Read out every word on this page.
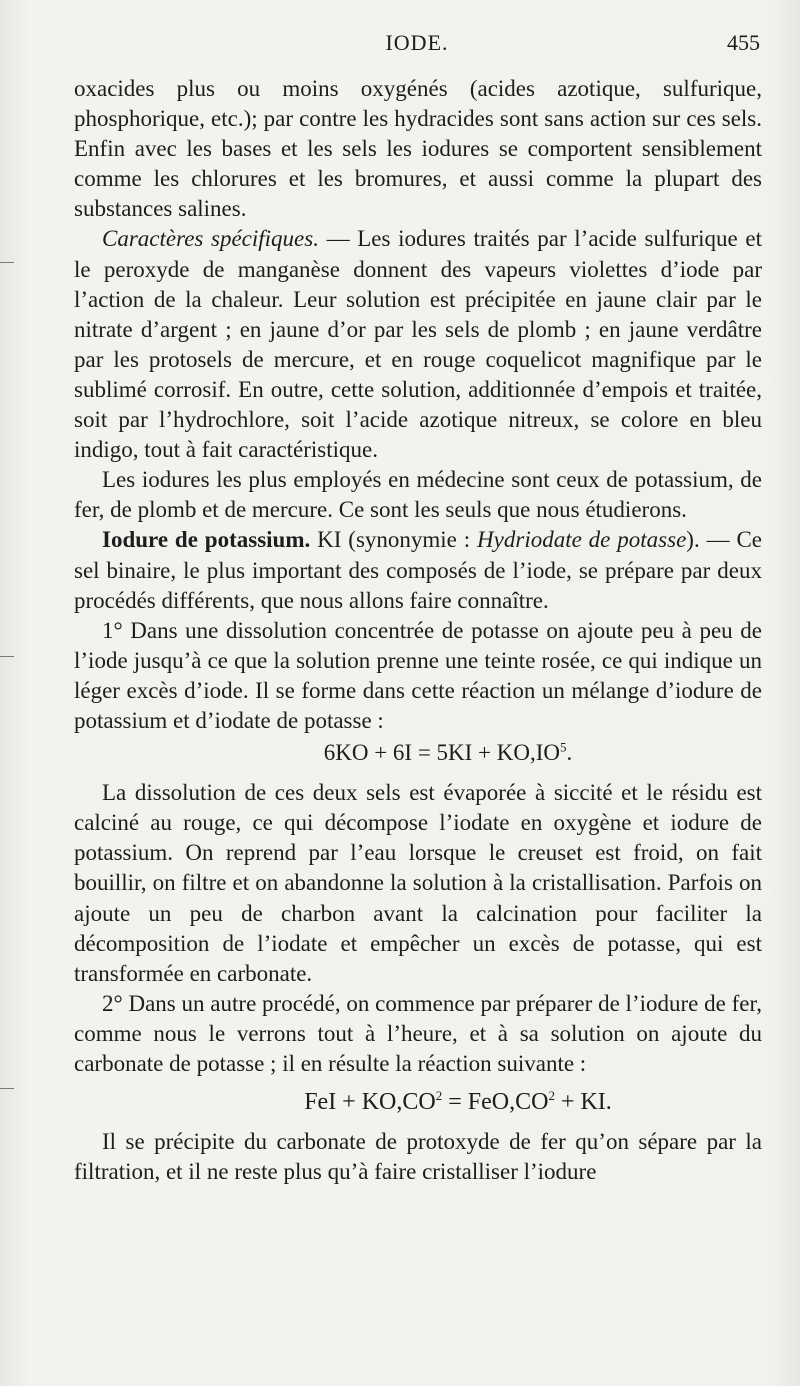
IODE.	455

oxacides plus ou moins oxygénés (acides azotique, sulfurique, phosphorique, etc.); par contre les hydracides sont sans action sur ces sels. Enfin avec les bases et les sels les iodures se comportent sensiblement comme les chlorures et les bromures, et aussi comme la plupart des substances salines.

Caractères spécifiques. — Les iodures traités par l’acide sulfurique et le peroxyde de manganèse donnent des vapeurs violettes d’iode par l’action de la chaleur. Leur solution est précipitée en jaune clair par le nitrate d’argent ; en jaune d’or par les sels de plomb ; en jaune verdâtre par les protosels de mercure, et en rouge coquelicot magnifique par le sublimé corrosif. En outre, cette solution, additionnée d’empois et traitée, soit par l’hydrochlore, soit l’acide azotique nitreux, se colore en bleu indigo, tout à fait caractéristique.

Les iodures les plus employés en médecine sont ceux de potassium, de fer, de plomb et de mercure. Ce sont les seuls que nous étudierons.

Iodure de potassium. KI (synonymie : Hydriodate de potasse). — Ce sel binaire, le plus important des composés de l’iode, se prépare par deux procédés différents, que nous allons faire connaître.

1° Dans une dissolution concentrée de potasse on ajoute peu à peu de l’iode jusqu’à ce que la solution prenne une teinte rosée, ce qui indique un léger excès d’iode. Il se forme dans cette réaction un mélange d’iodure de potassium et d’iodate de potasse :

$6KO + 6I = 5KI + KO,IO^5$.

La dissolution de ces deux sels est évaporée à siccité et le résidu est calciné au rouge, ce qui décompose l’iodate en oxygène et iodure de potassium. On reprend par l’eau lorsque le creuset est froid, on fait bouillir, on filtre et on abandonne la solution à la cristallisation. Parfois on ajoute un peu de charbon avant la calcination pour faciliter la décomposition de l’iodate et empêcher un excès de potasse, qui est transformée en carbonate.

2° Dans un autre procédé, on commence par préparer de l’iodure de fer, comme nous le verrons tout à l’heure, et à sa solution on ajoute du carbonate de potasse ; il en résulte la réaction suivante :

FeI + $KO,CO^2 = FeO,CO^2$ + KI.

Il se précipite du carbonate de protoxyde de fer qu’on sépare par la filtration, et il ne reste plus qu’à faire cristalliser l’iodure
